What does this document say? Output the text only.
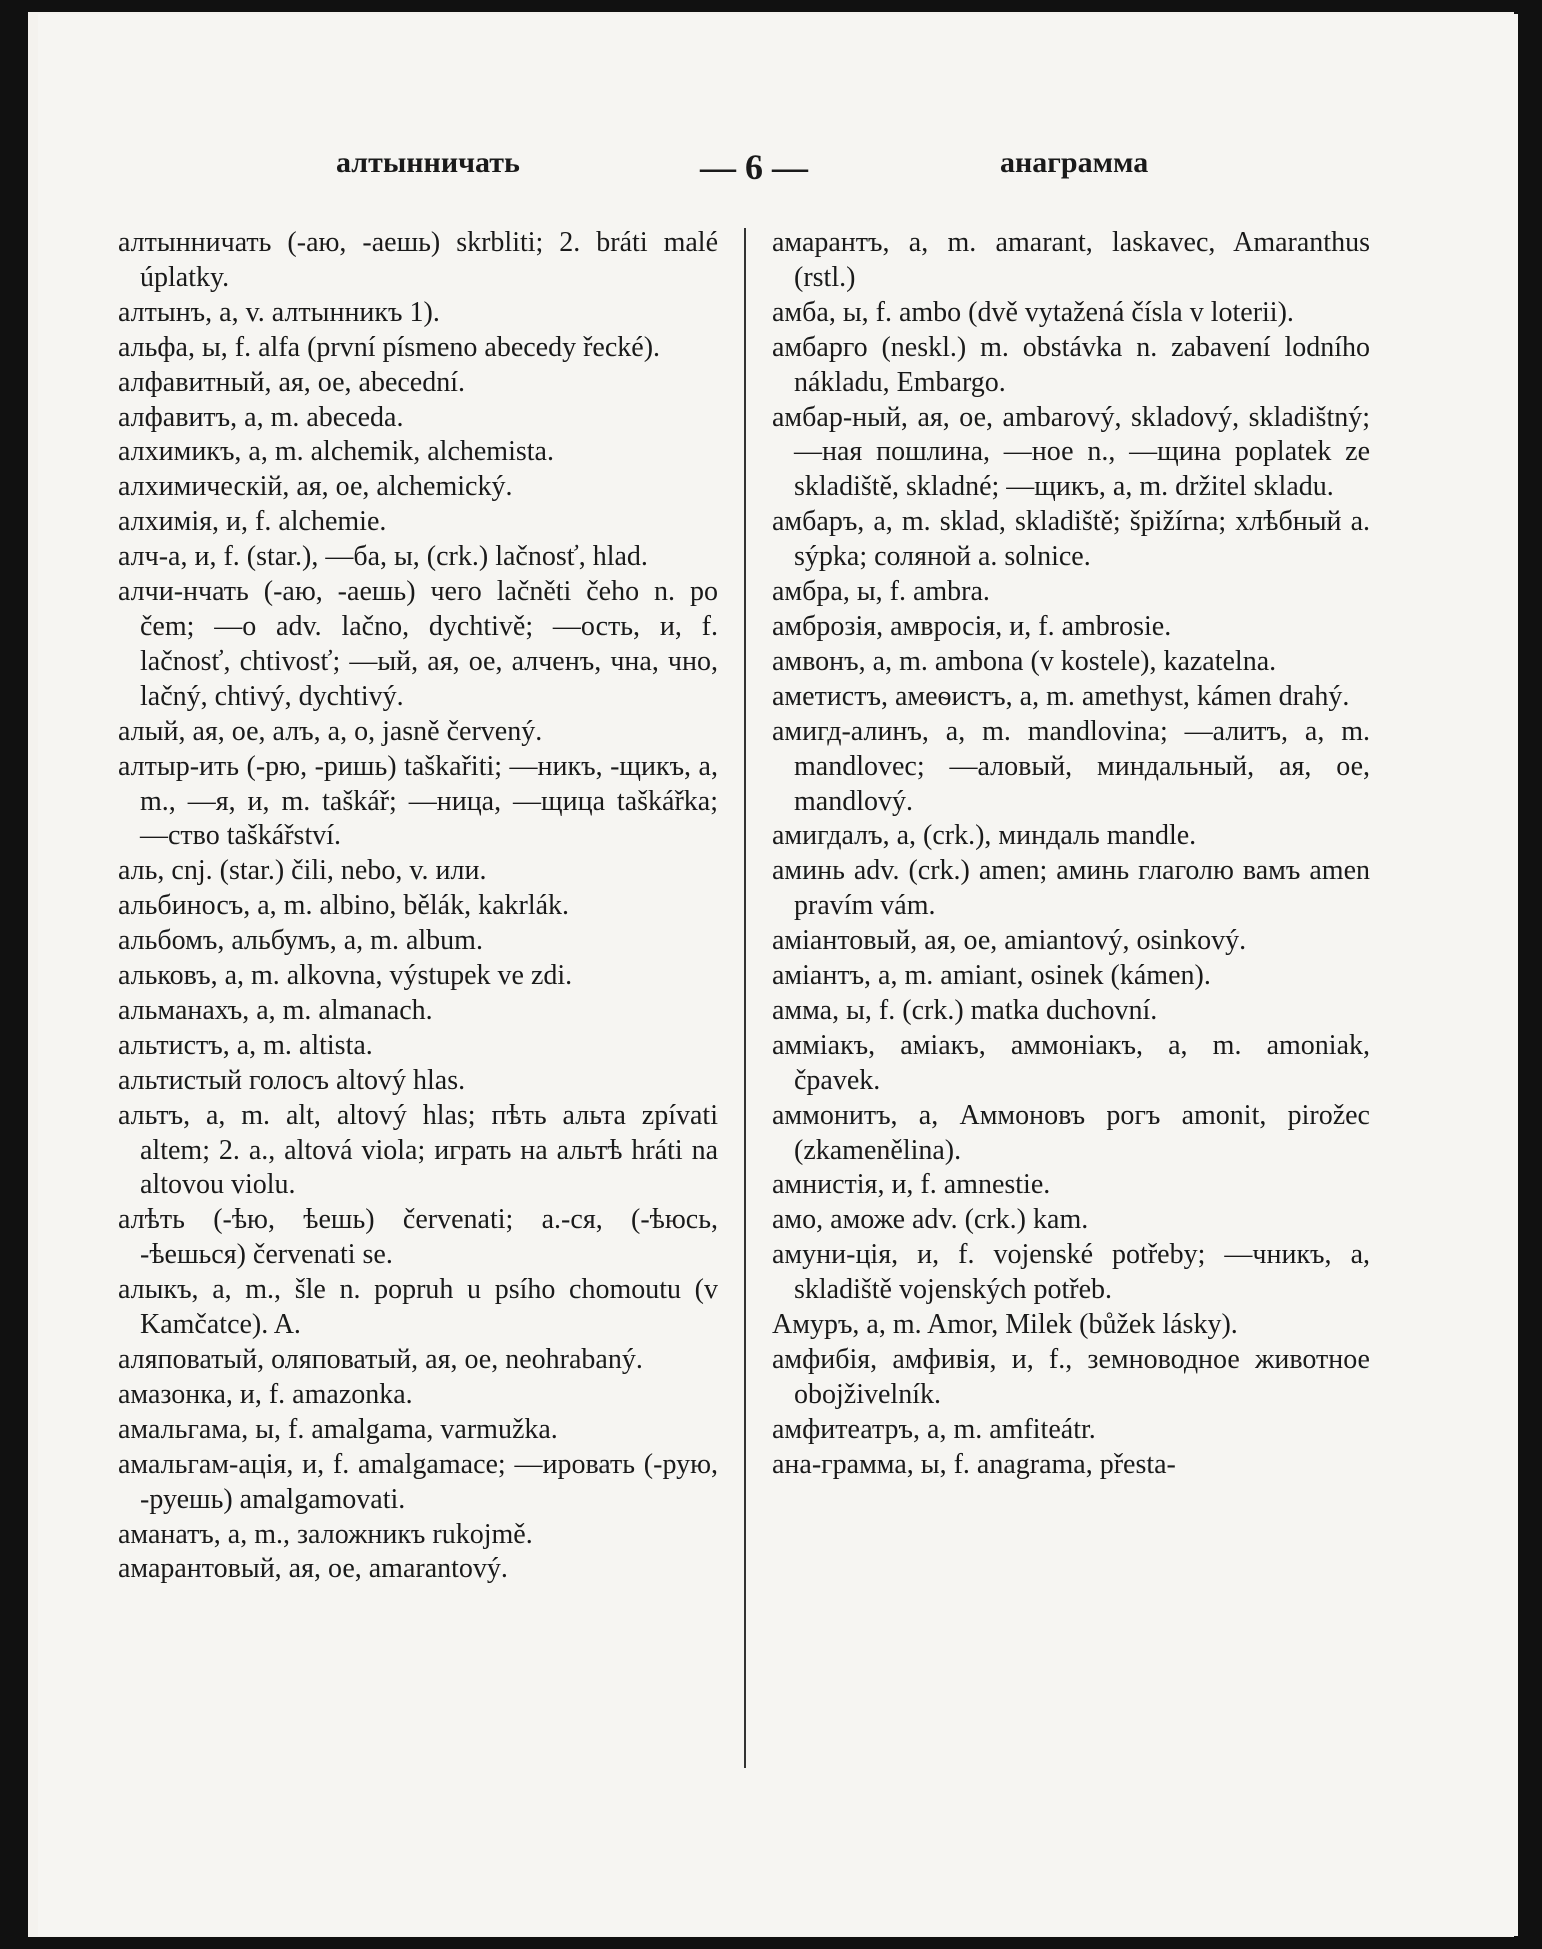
алтынничать	— 6 —	анаграмма

алтынничать (-аю, -аешь) skrbliti; 2. bráti malé úplatky.

алтынъ, а, v. алтынникъ 1).

альфа, ы, f. alfa (první písmeno abecedy řecké).

алфавитный, ая, ое, abecední.

алфавитъ, а, m. abeceda.

алхимикъ, а, m. alchemik, alchemista.

алхимическій, ая, ое, alchemický.

алхимія, и, f. alchemie.

алч-а, и, f. (star.), —ба, ы, (crk.) lačnosť, hlad.

алчи-нчать (-аю, -аешь) чего lačněti čeho n. po čem; —о adv. lačno, dychtivě; —ость, и, f. lačnosť, chtivosť; —ый, ая, ое, алченъ, чна, чно, lačný, chtivý, dychtivý.

алый, ая, ое, алъ, а, о, jasně červený.

алтыр-ить (-рю, -ришь) taškařiti; —никъ, -щикъ, а, m., —я, и, m. taškář; —ница, —щица taškářka; —ство taškářství.

аль, cnj. (star.) čili, nebo, v. или.

альбиносъ, а, m. albino, bělák, kakrlák.

альбомъ, альбумъ, а, m. album.

альковъ, а, m. alkovna, výstupek ve zdi.

альманахъ, а, m. almanach.

альтистъ, а, m. altista.

альтистый голосъ altový hlas.

альтъ, а, m. alt, altový hlas; пѣть альта zpívati altem; 2. а., altová viola; играть на альтѣ hráti na altovou violu.

алѣть (-ѣю, ѣешь) červenati; а.-ся, (-ѣюсь, -ѣешься) červenati se.

алыкъ, а, m., šle n. popruh u psího chomoutu (v Kamčatce). A.

аляповатый, оляповатый, ая, ое, neohrabaný.

амазонка, и, f. amazonka.

амальгама, ы, f. amalgama, varmužka.

амальгам-ація, и, f. amalgamace; —ировать (-рую, -руешь) amalgamovati.

аманатъ, а, m., заложникъ rukojmě.

амарантовый, ая, ое, amarantový.

амарантъ, а, m. amarant, laskavec, Amaranthus (rstl.)

амба, ы, f. ambo (dvě vytažená čísla v loterii).

амбарго (neskl.) m. obstávka n. zabavení lodního nákladu, Embargo.

амбар-ный, ая, ое, ambarový, skladový, skladištný; —ная пошлина, —ное n., —щина poplatek ze skladiště, skladné; —щикъ, а, m. držitel skladu.

амбаръ, а, m. sklad, skladiště; špižírna; хлѣбный а. sýpka; соляной а. solnice.

амбра, ы, f. ambra.

амброзія, амвросія, и, f. ambrosie.

амвонъ, а, m. ambona (v kostele), kazatelna.

аметистъ, амеѳистъ, а, m. amethyst, kámen drahý.

амигд-алинъ, а, m. mandlovina; —алитъ, а, m. mandlovec; —аловый, миндальный, ая, ое, mandlový.

амигдалъ, а, (crk.), миндаль mandle.

аминь adv. (crk.) amen; аминь глаголю вамъ amen pravím vám.

аміантовый, ая, ое, amiantový, osinkový.

аміантъ, а, m. amiant, osinek (kámen).

амма, ы, f. (crk.) matka duchovní.

аммiакъ, амiакъ, аммонiакъ, а, m. amoniak, čpavek.

аммонитъ, а, Аммоновъ рогъ amonit, pirožec (zkamenělina).

амнистія, и, f. amnestie.

амо, аможе adv. (crk.) kam.

амуни-ція, и, f. vojenské potřeby; —чникъ, а, skladiště vojenských potřeb.

Амуръ, а, m. Amor, Milek (bůžek lásky).

амфибія, амфивія, и, f., земноводное животное obojživelník.

амфитеатръ, а, m. amfiteátr.

ана-грамма, ы, f. anagrama, přesta-
